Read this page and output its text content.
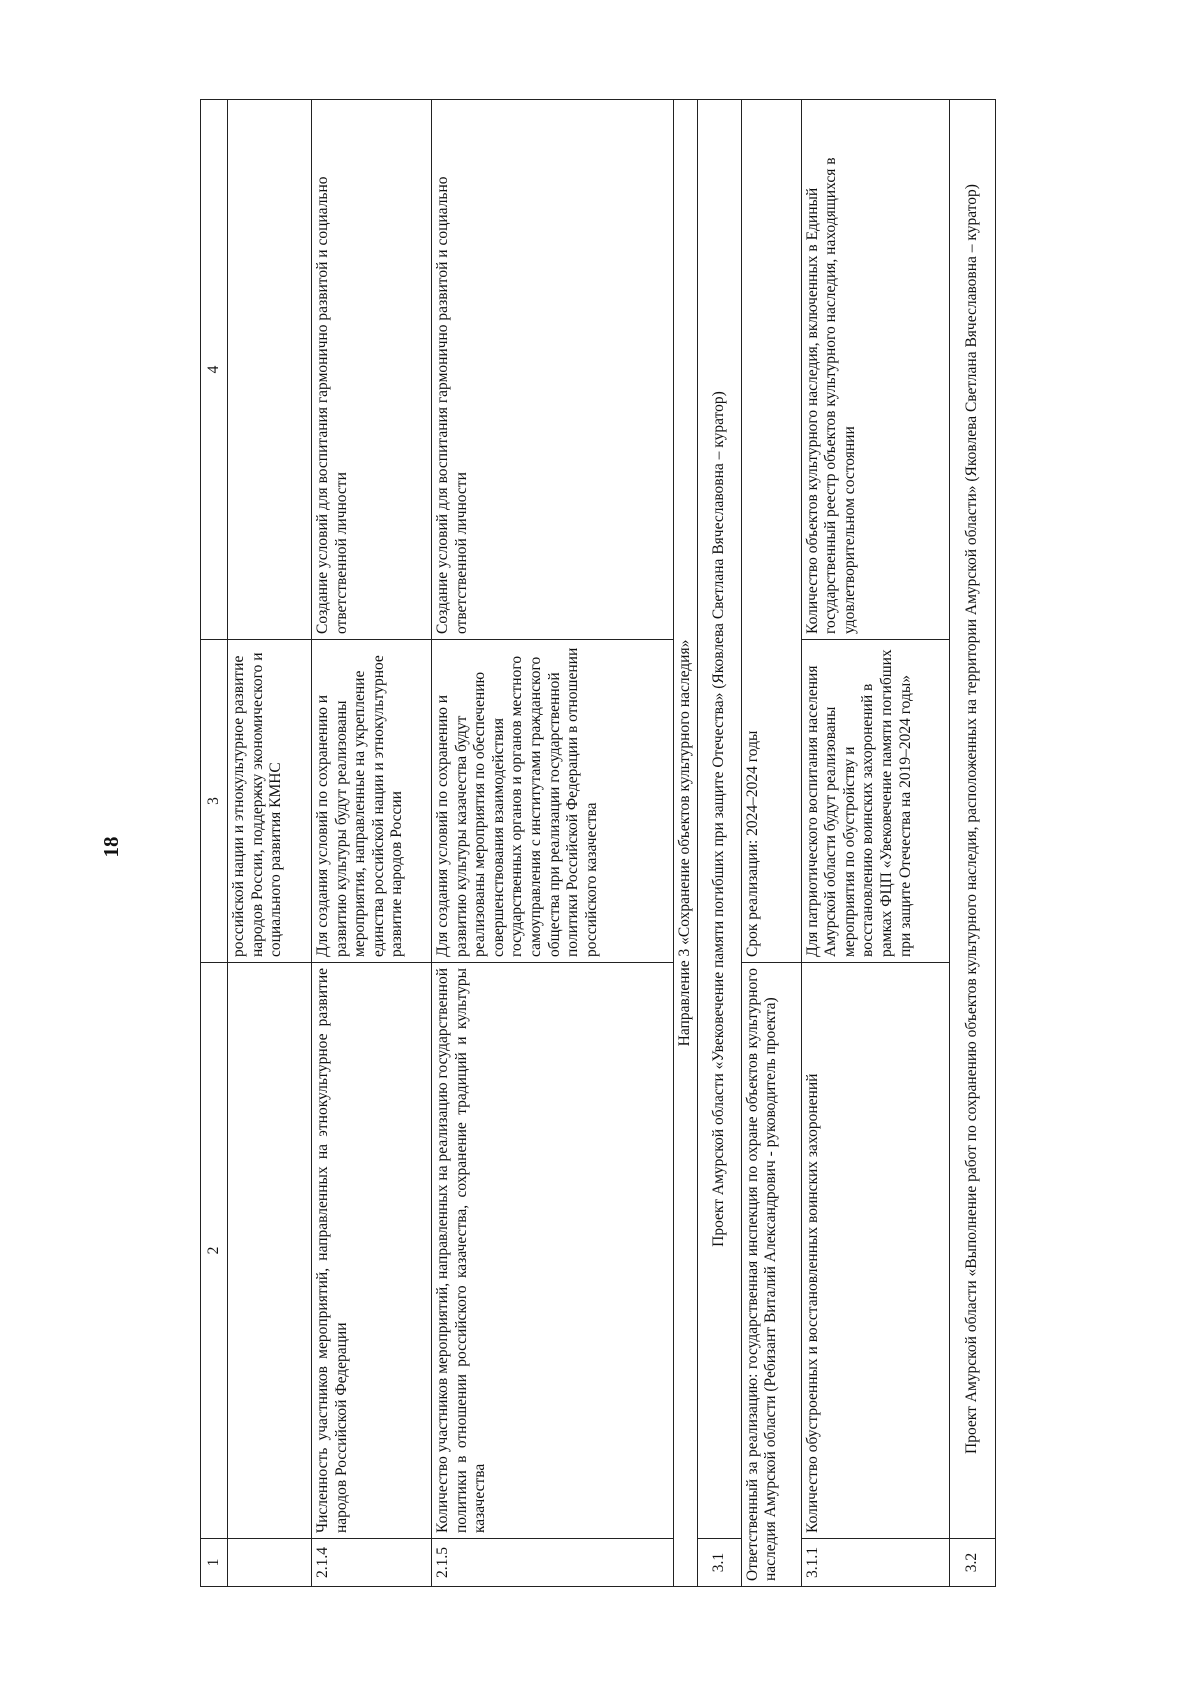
18
1	2	3	4
		российской нации и этнокультурное развитие народов России, поддержку экономического и социального развития КМНС	
2.1.4	Численность участников мероприятий, направленных на этнокультурное развитие народов Российской Федерации	Для создания условий по сохранению и развитию культуры будут реализованы мероприятия, направленные на укрепление единства российской нации и этнокультурное развитие народов России	Создание условий для воспитания гармонично развитой и социально ответственной личности
2.1.5	Количество участников мероприятий, направленных на реализацию государственной политики в отношении российского казачества, сохранение традиций и культуры казачества	Для создания условий по сохранению и развитию культуры казачества будут реализованы мероприятия по обеспечению совершенствования взаимодействия государственных органов и органов местного самоуправления с институтами гражданского общества при реализации государственной политики Российской Федерации в отношении российского казачества	Создание условий для воспитания гармонично развитой и социально ответственной личности
Направление 3 «Сохранение объектов культурного наследия»			
3.1	Проект Амурской области «Увековечение памяти погибших при защите Отечества» (Яковлева Светлана Вячеславовна – куратор)		
Ответственный за реализацию: государственная инспекция по охране объектов культурного наследия Амурской области (Ребизант Виталий Александрович - руководитель проекта)		Срок реализации: 2024–2024 годы	
3.1.1	Количество обустроенных и восстановленных воинских захоронений	Для патриотического воспитания населения Амурской области будут реализованы мероприятия по обустройству и восстановлению воинских захоронений в рамках ФЦП «Увековечение памяти погибших при защите Отечества на 2019–2024 годы»	Количество объектов культурного наследия, включенных в Единый государственный реестр объектов культурного наследия, находящихся в удовлетворительном состоянии
3.2	Проект Амурской области «Выполнение работ по сохранению объектов культурного наследия, расположенных на территории Амурской области» (Яковлева Светлана Вячеславовна – куратор)		
